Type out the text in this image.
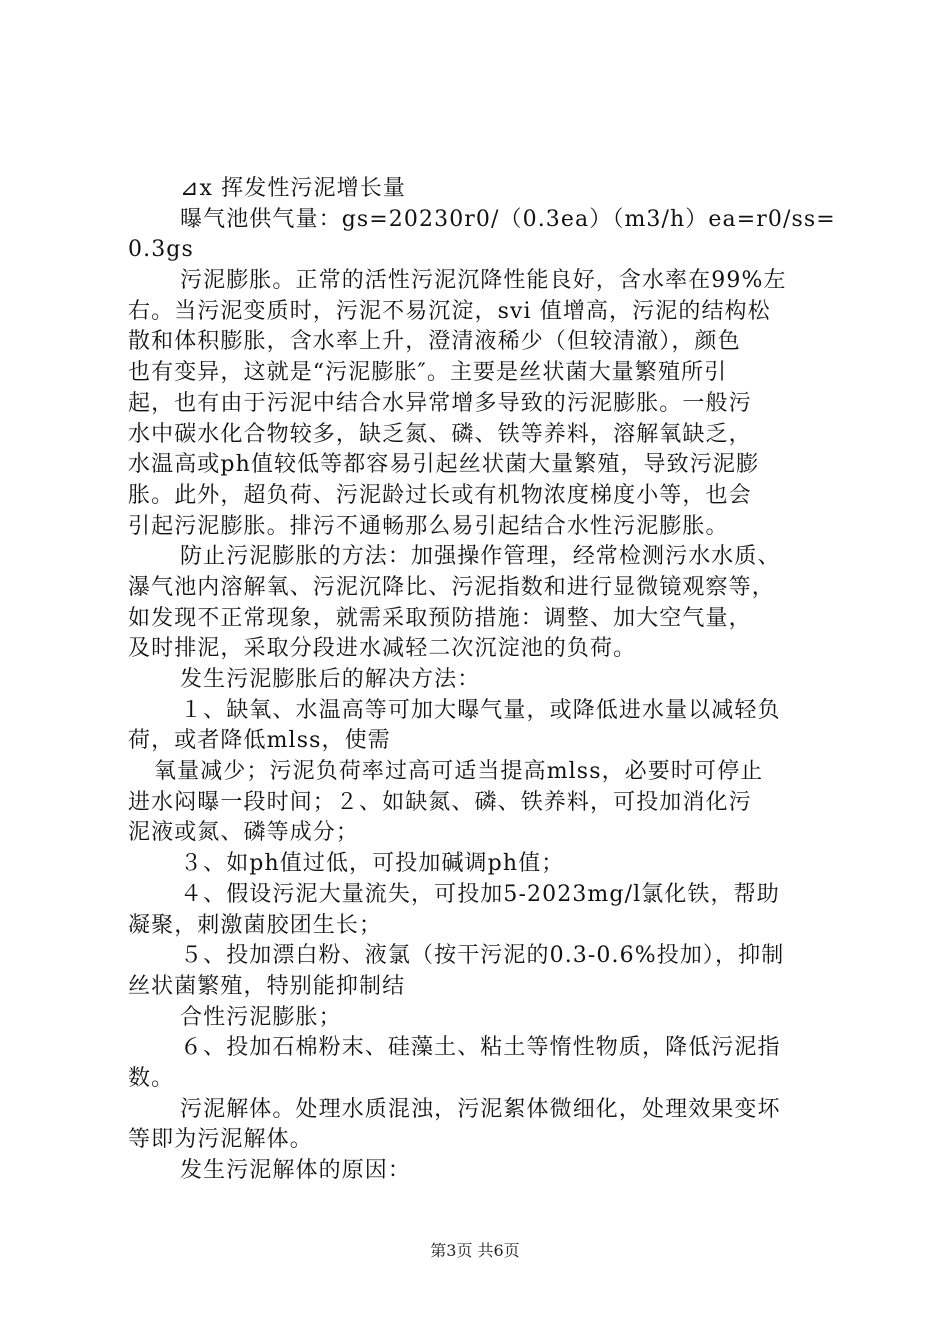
⊿x 挥发性污泥增长量
曝气池供气量：gs=20230r0/（0.3ea）（m3/h）ea=r0/ss=
0.3gs
污泥膨胀。正常的活性污泥沉降性能良好，含水率在99%左
右。当污泥变质时，污泥不易沉淀，svi 值增高，污泥的结构松
散和体积膨胀，含水率上升，澄清液稀少（但较清澈），颜色
也有变异，这就是“污泥膨胀″。主要是丝状菌大量繁殖所引
起，也有由于污泥中结合水异常增多导致的污泥膨胀。一般污
水中碳水化合物较多，缺乏氮、磷、铁等养料，溶解氧缺乏，
水温高或ph值较低等都容易引起丝状菌大量繁殖，导致污泥膨
胀。此外，超负荷、污泥龄过长或有机物浓度梯度小等，也会
引起污泥膨胀。排污不通畅那么易引起结合水性污泥膨胀。
防止污泥膨胀的方法：加强操作管理，经常检测污水水质、
瀑气池内溶解氧、污泥沉降比、污泥指数和进行显微镜观察等，
如发现不正常现象，就需采取预防措施：调整、加大空气量，
及时排泥，采取分段进水减轻二次沉淀池的负荷。
发生污泥膨胀后的解决方法：
１、缺氧、水温高等可加大曝气量，或降低进水量以减轻负
荷，或者降低mlss，使需
氧量减少；污泥负荷率过高可适当提高mlss，必要时可停止
进水闷曝一段时间；２、如缺氮、磷、铁养料，可投加消化污
泥液或氮、磷等成分；
３、如ph值过低，可投加碱调ph值；
４、假设污泥大量流失，可投加5-2023mg/l氯化铁，帮助
凝聚，刺激菌胶团生长；
５、投加漂白粉、液氯（按干污泥的0.3-0.6%投加），抑制
丝状菌繁殖，特别能抑制结
合性污泥膨胀；
６、投加石棉粉末、硅藻土、粘土等惰性物质，降低污泥指
数。
污泥解体。处理水质混浊，污泥絮体微细化，处理效果变坏
等即为污泥解体。
发生污泥解体的原因：
第3页 共6页
